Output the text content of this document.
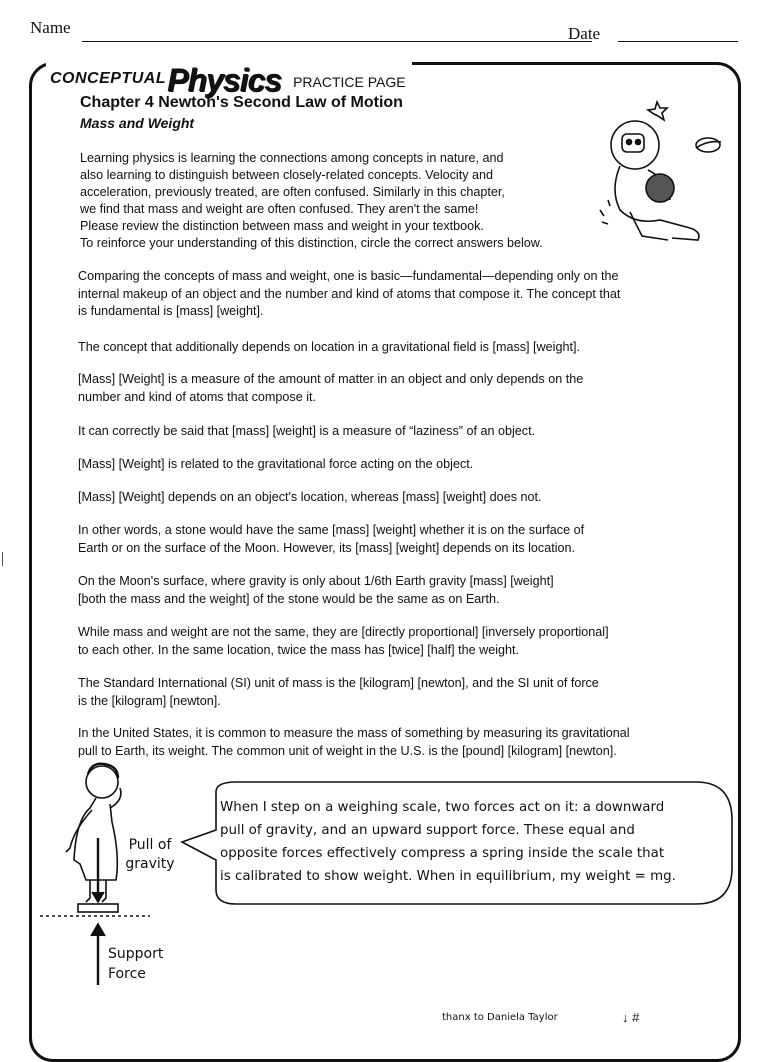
Name	Date
CONCEPTUAL Physics PRACTICE PAGE
Chapter 4 Newton's Second Law of Motion
Mass and Weight
Learning physics is learning the connections among concepts in nature, and
also learning to distinguish between closely-related concepts. Velocity and
acceleration, previously treated, are often confused. Similarly in this chapter,
we find that mass and weight are often confused. They aren't the same!
Please review the distinction between mass and weight in your textbook.
To reinforce your understanding of this distinction, circle the correct answers below.
Comparing the concepts of mass and weight, one is basic—fundamental—depending only on the
internal makeup of an object and the number and kind of atoms that compose it. The concept that
is fundamental is [mass] [weight].
The concept that additionally depends on location in a gravitational field is [mass] [weight].
[Mass] [Weight] is a measure of the amount of matter in an object and only depends on the
number and kind of atoms that compose it.
It can correctly be said that [mass] [weight] is a measure of “laziness” of an object.
[Mass] [Weight] is related to the gravitational force acting on the object.
[Mass] [Weight] depends on an object's location, whereas [mass] [weight] does not.
In other words, a stone would have the same [mass] [weight] whether it is on the surface of
Earth or on the surface of the Moon. However, its [mass] [weight] depends on its location.
On the Moon's surface, where gravity is only about 1/6th Earth gravity [mass] [weight]
[both the mass and the weight] of the stone would be the same as on Earth.
While mass and weight are not the same, they are [directly proportional] [inversely proportional]
to each other. In the same location, twice the mass has [twice] [half] the weight.
The Standard International (SI) unit of mass is the [kilogram] [newton], and the SI unit of force
is the [kilogram] [newton].
In the United States, it is common to measure the mass of something by measuring its gravitational
pull to Earth, its weight. The common unit of weight in the U.S. is the [pound] [kilogram] [newton].
Pull of
gravity
Support
Force
When I step on a weighing scale, two forces act on it: a downward
pull of gravity, and an upward support force. These equal and
opposite forces effectively compress a spring inside the scale that
is calibrated to show weight. When in equilibrium, my weight = mg.
thanx to Daniela Taylor	↓ #
